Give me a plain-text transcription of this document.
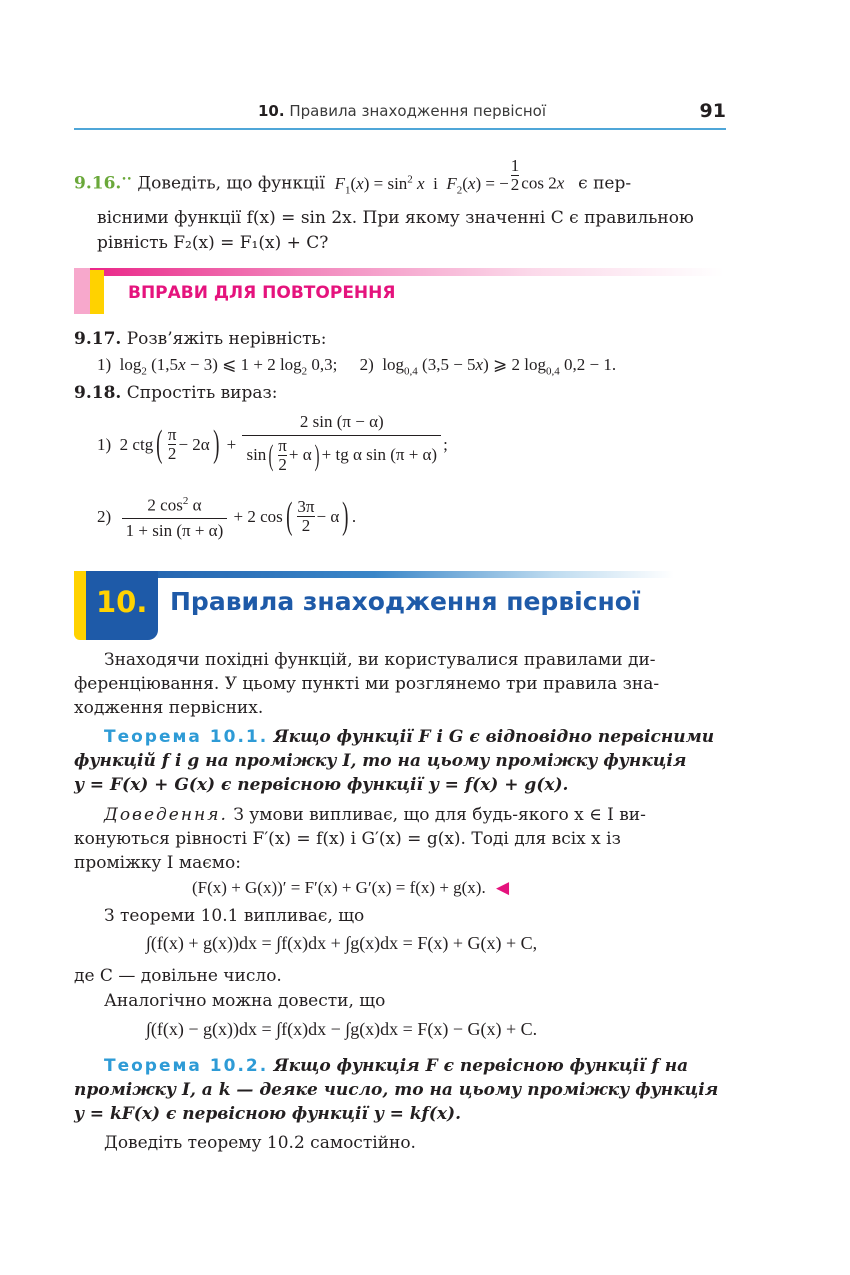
10. Правила знаходження первісної	91
9.16.•• Доведіть, що функції $F_1(x) = \sin^2 x$  і  $F_2(x)$ = − $\frac{1}{2}$ cos 2x є пер-
вісними функції f(x) = sin 2x. При якому значенні C є правильною
рівність F₂(x) = F₁(x) + C?
ВПРАВИ ДЛЯ ПОВТОРЕННЯ
9.17. Розв’яжіть нерівність:
1)  $\log_2 (1,5x - 3)$ ⩽ 1 + 2 $\log_2 0,3$; 2)  $\log_{0,4} (3,5 - 5x)$ ⩾ 2 $\log_{0,4} 0,2 - 1$.
9.18. Спростіть вираз:
1)
2 ctg ( $\frac{\pi}{2} - 2\alpha$ ) + $\frac{2 \sin (\pi - \alpha)}{\sin( \frac{\pi}{2} + \alpha) + tg \alpha \sin (\pi + \alpha)}$ ;
2)
$\frac{2 \cos^2 \alpha}{1 + \sin (\pi + \alpha)} + 2$ cos ( $\frac{3\pi}{2} - \alpha$ ) .
10. Правила знаходження первісної
Знаходячи похідні функцій, ви користувалися правилами ди-
ференціювання. У цьому пункті ми розглянемо три правила зна-
ходження первісних.
Теорема 10.1. Якщо функції F і G є відповідно первісними
функцій f і g на проміжку I, то на цьому проміжку функція
y = F(x) + G(x) є первісною функції y = f(x) + g(x).
Доведення. З умови випливає, що для будь-якого x ∈ I ви-
конуються рівності F′(x) = f(x) і G′(x) = g(x). Тоді для всіх x із
проміжку I маємо:
(F(x) + G(x))′ = F′(x) + G′(x) = f(x) + g(x). ◀
З теореми 10.1 випливає, що
∫(f(x) + g(x))dx = ∫f(x)dx + ∫g(x)dx = F(x) + G(x) + C,
де C — довільне число.
Аналогічно можна довести, що
∫(f(x) − g(x))dx = ∫f(x)dx − ∫g(x)dx = F(x) − G(x) + C.
Теорема 10.2. Якщо функція F є первісною функції f на
проміжку I, а k — деяке число, то на цьому проміжку функція
y = kF(x) є первісною функції y = kf(x).
Доведіть теорему 10.2 самостійно.
